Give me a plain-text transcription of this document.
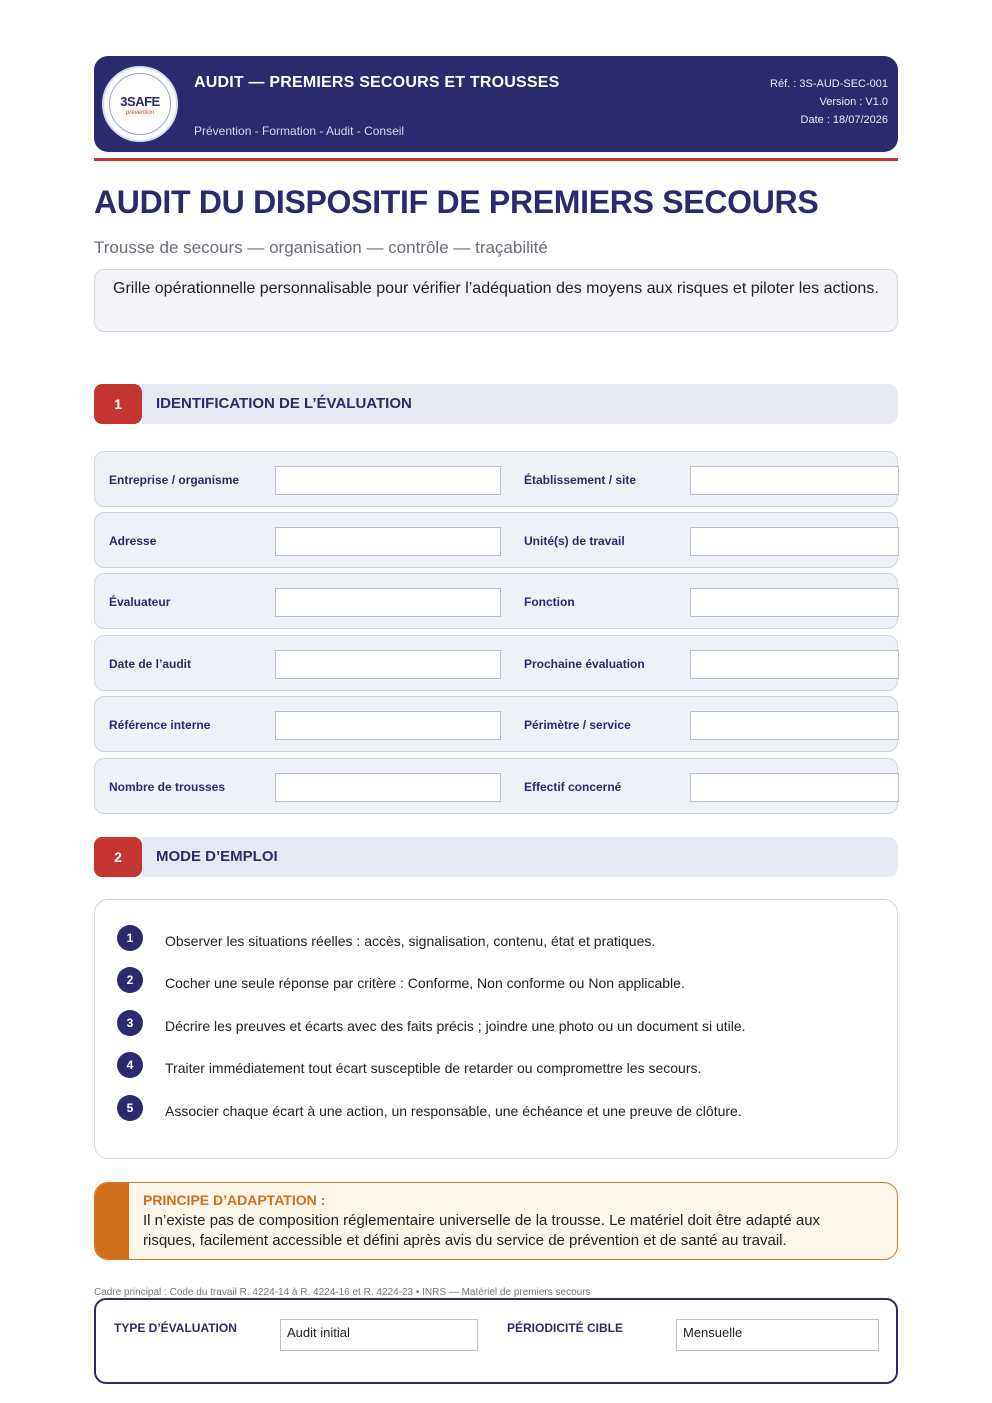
3SAFE
prévention
AUDIT — PREMIERS SECOURS ET TROUSSES
Prévention - Formation - Audit - Conseil
Réf. : 3S-AUD-SEC-001
Version : V1.0
Date : 18/07/2026
AUDIT DU DISPOSITIF DE PREMIERS SECOURS
Trousse de secours — organisation — contrôle — traçabilité
Grille opérationnelle personnalisable pour vérifier l’adéquation des moyens aux risques et piloter les actions.
1	IDENTIFICATION DE L’ÉVALUATION
Entreprise / organisme	Établissement / site
Adresse	Unité(s) de travail
Évaluateur	Fonction
Date de l’audit	Prochaine évaluation
Référence interne	Périmètre / service
Nombre de trousses	Effectif concerné
2	MODE D’EMPLOI
1	Observer les situations réelles : accès, signalisation, contenu, état et pratiques.
2	Cocher une seule réponse par critère : Conforme, Non conforme ou Non applicable.
3	Décrire les preuves et écarts avec des faits précis ; joindre une photo ou un document si utile.
4	Traiter immédiatement tout écart susceptible de retarder ou compromettre les secours.
5	Associer chaque écart à une action, un responsable, une échéance et une preuve de clôture.
PRINCIPE D’ADAPTATION :
Il n’existe pas de composition réglementaire universelle de la trousse. Le matériel doit être adapté aux risques, facilement accessible et défini après avis du service de prévention et de santé au travail.
Cadre principal : Code du travail R. 4224-14 à R. 4224-16 et R. 4224-23 • INRS — Matériel de premiers secours
TYPE D’ÉVALUATION	Audit initial	PÉRIODICITÉ CIBLE	Mensuelle
